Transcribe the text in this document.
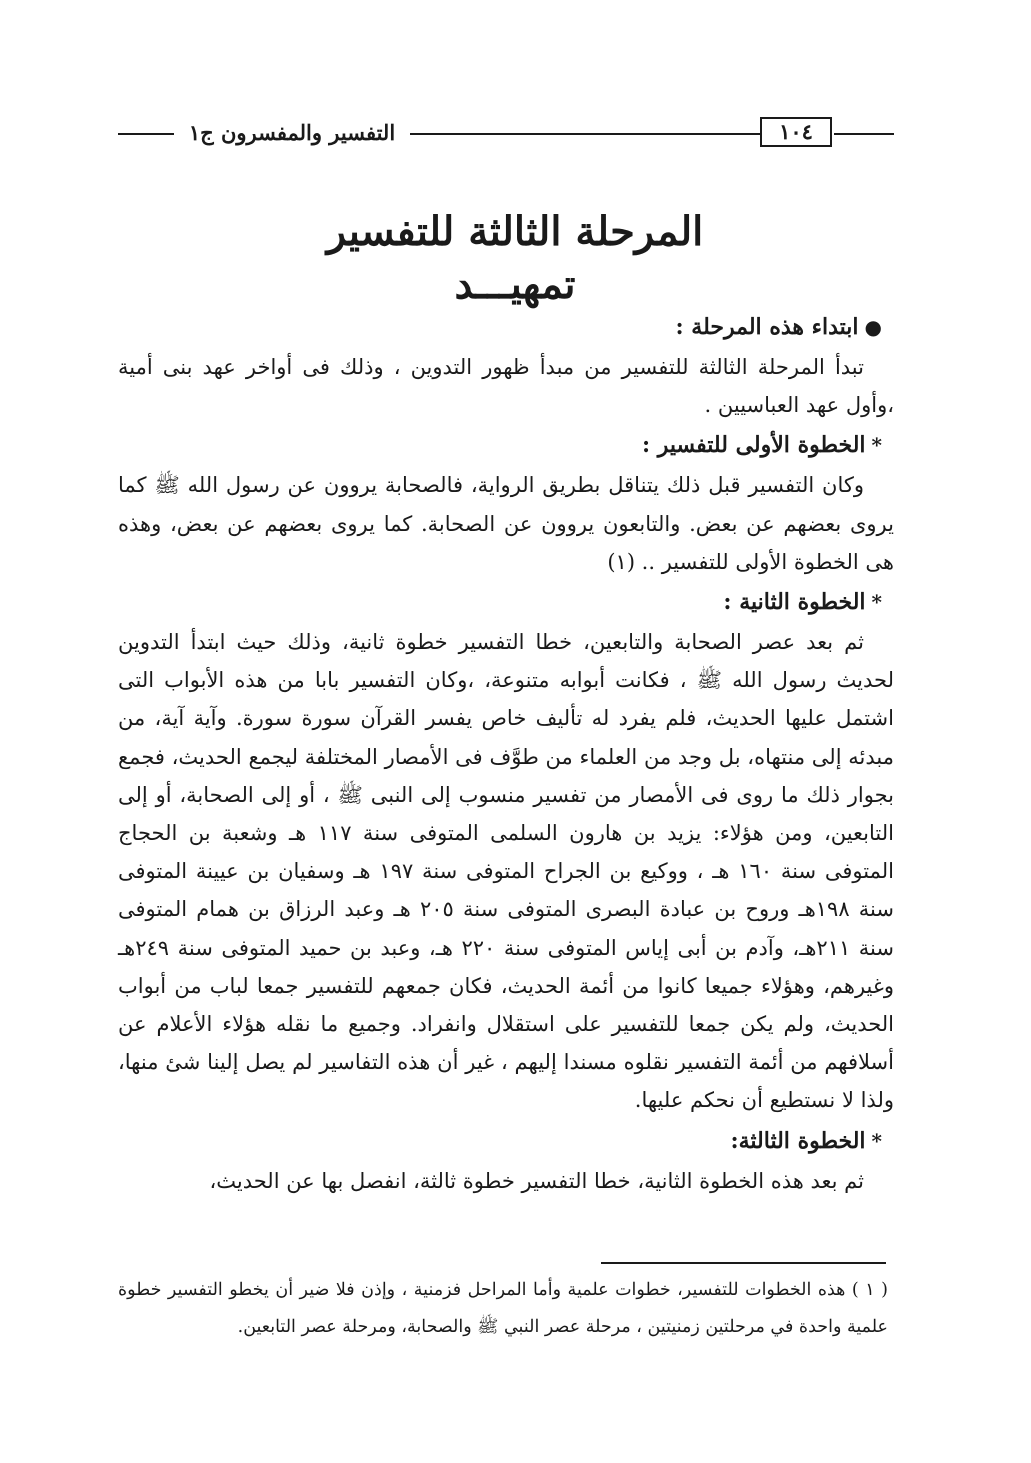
التفسير والمفسرون ج١	١٠٤
المرحلة الثالثة للتفسير
تمهيـــد
●ابتداء هذه المرحلة :

تبدأ المرحلة الثالثة للتفسير من مبدأ ظهور التدوين ، وذلك فى أواخر عهد بنى أمية ،وأول عهد العباسيين .

*الخطوة الأولى للتفسير :

وكان التفسير قبل ذلك يتناقل بطريق الرواية، فالصحابة يروون عن رسول الله ﷺ كما يروى بعضهم عن بعض. والتابعون يروون عن الصحابة. كما يروى بعضهم عن بعض، وهذه هى الخطوة الأولى للتفسير .. (١)

*الخطوة الثانية :

ثم بعد عصر الصحابة والتابعين، خطا التفسير خطوة ثانية، وذلك حيث ابتدأ التدوين لحديث رسول الله ﷺ ، فكانت أبوابه متنوعة، ،وكان التفسير بابا من هذه الأبواب التى اشتمل عليها الحديث، فلم يفرد له تأليف خاص يفسر القرآن سورة سورة. وآية آية، من مبدئه إلى منتهاه، بل وجد من العلماء من طوَّف فى الأمصار المختلفة ليجمع الحديث، فجمع بجوار ذلك ما روى فى الأمصار من تفسير منسوب إلى النبى ﷺ ، أو إلى الصحابة، أو إلى التابعين، ومن هؤلاء: يزيد بن هارون السلمى المتوفى سنة ١١٧ هـ وشعبة بن الحجاج المتوفى سنة ١٦٠ هـ ، ووكيع بن الجراح المتوفى سنة ١٩٧ هـ وسفيان بن عيينة المتوفى سنة ١٩٨هـ وروح بن عبادة البصرى المتوفى سنة ٢٠٥ هـ وعبد الرزاق بن همام المتوفى سنة ٢١١هـ، وآدم بن أبى إياس المتوفى سنة ٢٢٠ هـ، وعبد بن حميد المتوفى سنة ٢٤٩هـ وغيرهم، وهؤلاء جميعا كانوا من أئمة الحديث، فكان جمعهم للتفسير جمعا لباب من أبواب الحديث، ولم يكن جمعا للتفسير على استقلال وانفراد. وجميع ما نقله هؤلاء الأعلام عن أسلافهم من أئمة التفسير نقلوه مسندا إليهم ، غير أن هذه التفاسير لم يصل إلينا شئ منها، ولذا لا نستطيع أن نحكم عليها.

*الخطوة الثالثة:

ثم بعد هذه الخطوة الثانية، خطا التفسير خطوة ثالثة، انفصل بها عن الحديث،

( ١ ) هذه الخطوات للتفسير، خطوات علمية وأما المراحل فزمنية ، وإذن فلا ضير أن يخطو التفسير خطوة علمية واحدة في مرحلتين زمنيتين ، مرحلة عصر النبي ﷺ والصحابة، ومرحلة عصر التابعين.
